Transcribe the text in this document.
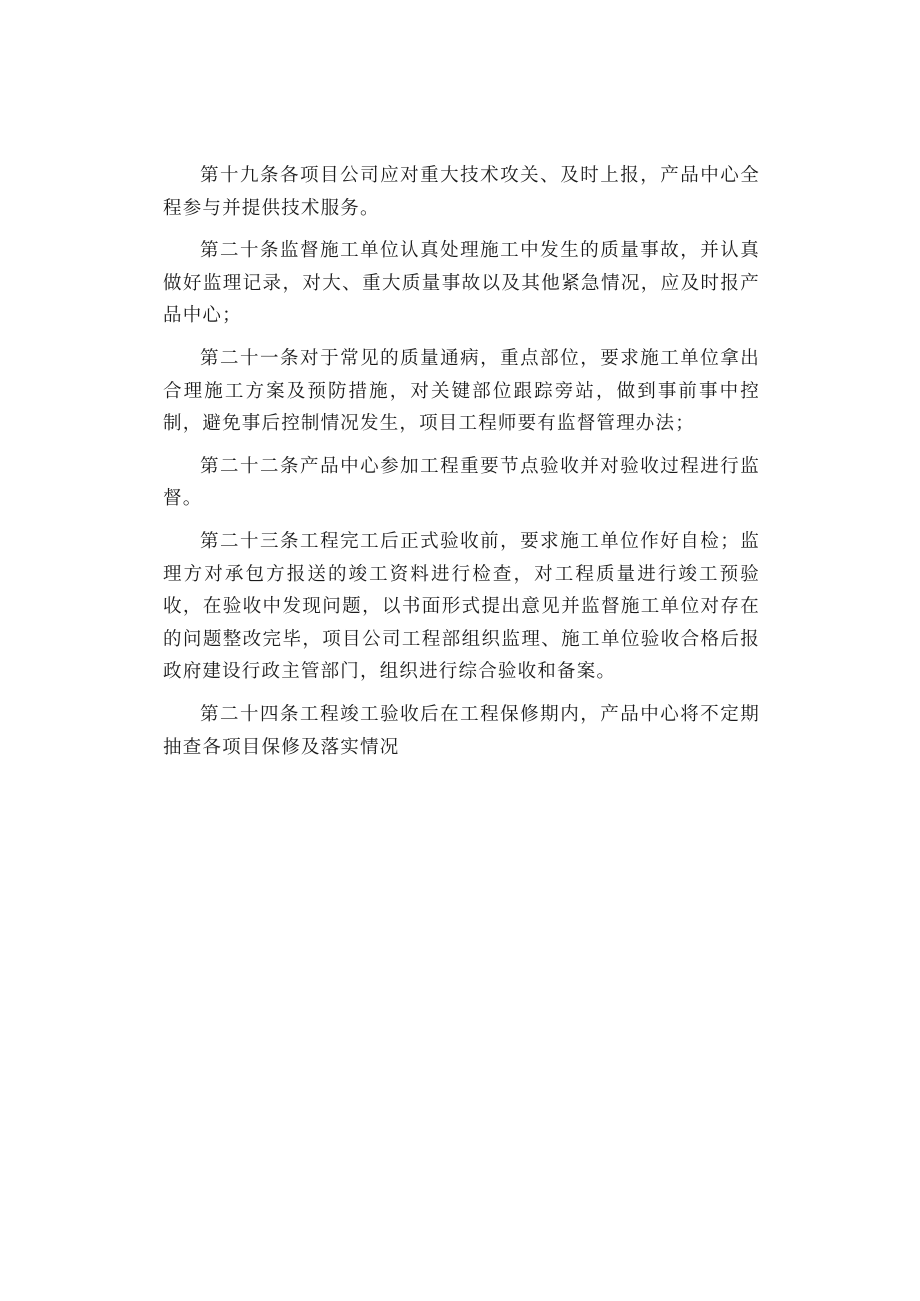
第十九条各项目公司应对重大技术攻关、及时上报，产品中心全程参与并提供技术服务。

第二十条监督施工单位认真处理施工中发生的质量事故，并认真做好监理记录，对大、重大质量事故以及其他紧急情况，应及时报产品中心；

第二十一条对于常见的质量通病，重点部位，要求施工单位拿出合理施工方案及预防措施，对关键部位跟踪旁站，做到事前事中控制，避免事后控制情况发生，项目工程师要有监督管理办法；

第二十二条产品中心参加工程重要节点验收并对验收过程进行监督。

第二十三条工程完工后正式验收前，要求施工单位作好自检；监理方对承包方报送的竣工资料进行检查，对工程质量进行竣工预验收，在验收中发现问题，以书面形式提出意见并监督施工单位对存在的问题整改完毕，项目公司工程部组织监理、施工单位验收合格后报政府建设行政主管部门，组织进行综合验收和备案。

第二十四条工程竣工验收后在工程保修期内，产品中心将不定期抽查各项目保修及落实情况
